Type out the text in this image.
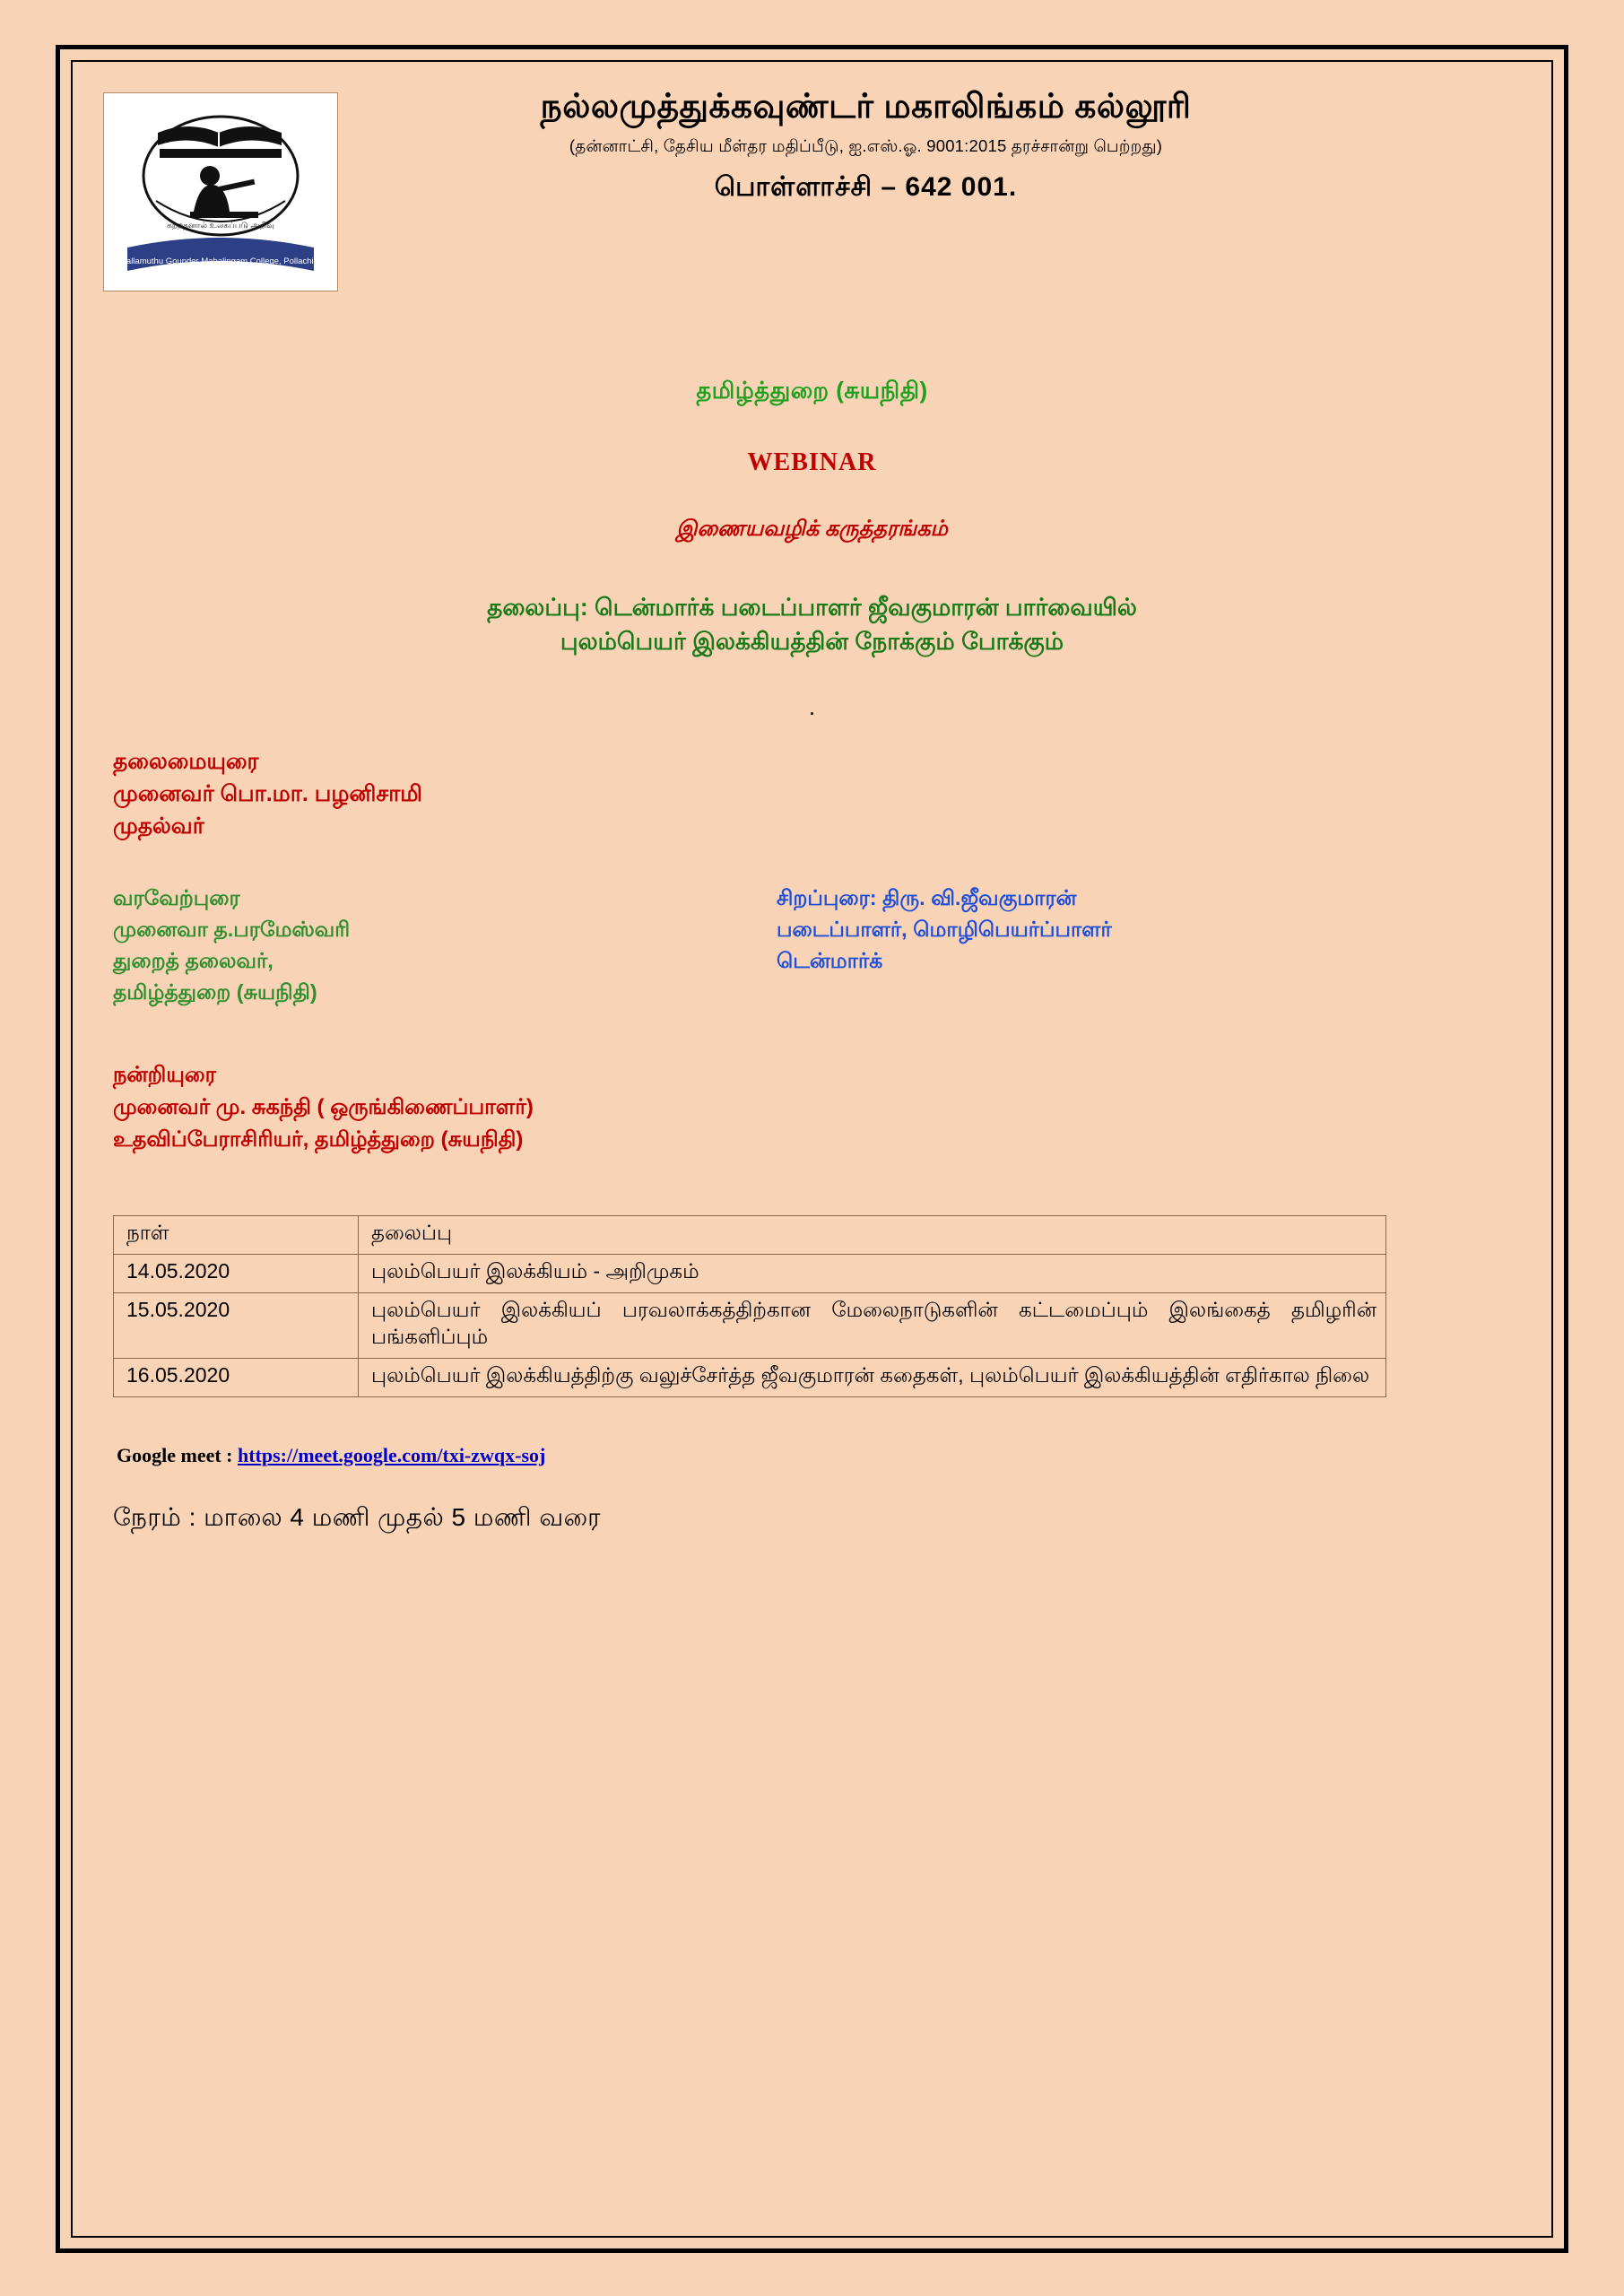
கற்றதனால் உலகப்படு அறிவு
Nallamuthu Gounder Mahalingam College, Pollachi-1
நல்லமுத்துக்கவுண்டர் மகாலிங்கம் கல்லூரி
(தன்னாட்சி, தேசிய மீள்தர மதிப்பீடு, ஐ.எஸ்.ஓ. 9001:2015 தரச்சான்று பெற்றது)
பொள்ளாச்சி – 642 001.
தமிழ்த்துறை (சுயநிதி)
WEBINAR
இணையவழிக் கருத்தரங்கம்
தலைப்பு: டென்மார்க் படைப்பாளர் ஜீவகுமாரன் பார்வையில்
புலம்பெயர் இலக்கியத்தின் நோக்கும் போக்கும்
.
தலைமையுரை
முனைவர் பொ.மா. பழனிசாமி
முதல்வர்
வரவேற்புரை
முனைவா த.பரமேஸ்வரி
துறைத் தலைவர்,
தமிழ்த்துறை (சுயநிதி)
சிறப்புரை: திரு. வி.ஜீவகுமாரன்
படைப்பாளர், மொழிபெயர்ப்பாளர்
டென்மார்க்
நன்றியுரை
முனைவர் மு. சுகந்தி ( ஒருங்கிணைப்பாளர்)
உதவிப்பேராசிரியர், தமிழ்த்துறை (சுயநிதி)
நாள்	தலைப்பு
14.05.2020	புலம்பெயர் இலக்கியம் - அறிமுகம்
15.05.2020	புலம்பெயர் இலக்கியப் பரவலாக்கத்திற்கான மேலைநாடுகளின் கட்டமைப்பும் இலங்கைத் தமிழரின் பங்களிப்பும்
16.05.2020	புலம்பெயர் இலக்கியத்திற்கு வலுச்சேர்த்த ஜீவகுமாரன் கதைகள், புலம்பெயர் இலக்கியத்தின் எதிர்கால நிலை
Google meet : https://meet.google.com/txi-zwqx-soj
நேரம் : மாலை 4 மணி முதல் 5 மணி வரை
